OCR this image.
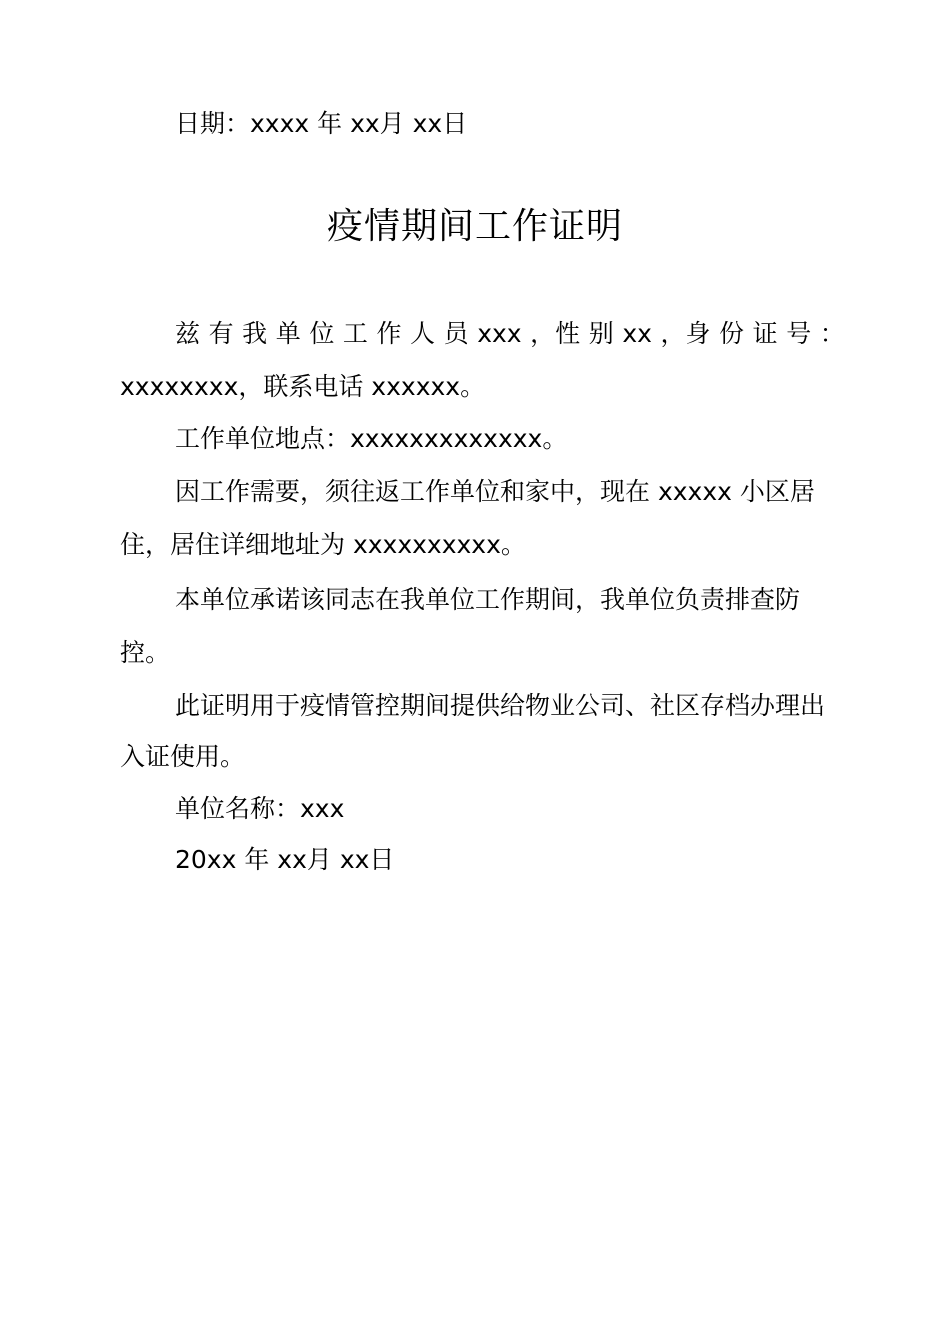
日期：xxxx 年 xx月 xx日
疫情期间工作证明
兹 有 我 单 位 工 作 人 员 xxx ，性 别 xx ，身 份 证 号 ：
xxxxxxxx，联系电话 xxxxxx。
工作单位地点：xxxxxxxxxxxxx。
因工作需要，须往返工作单位和家中，现在 xxxxx 小区居
住，居住详细地址为 xxxxxxxxxx。
本单位承诺该同志在我单位工作期间，我单位负责排查防
控。
此证明用于疫情管控期间提供给物业公司、社区存档办理出
入证使用。
单位名称：xxx
20xx 年 xx月 xx日
